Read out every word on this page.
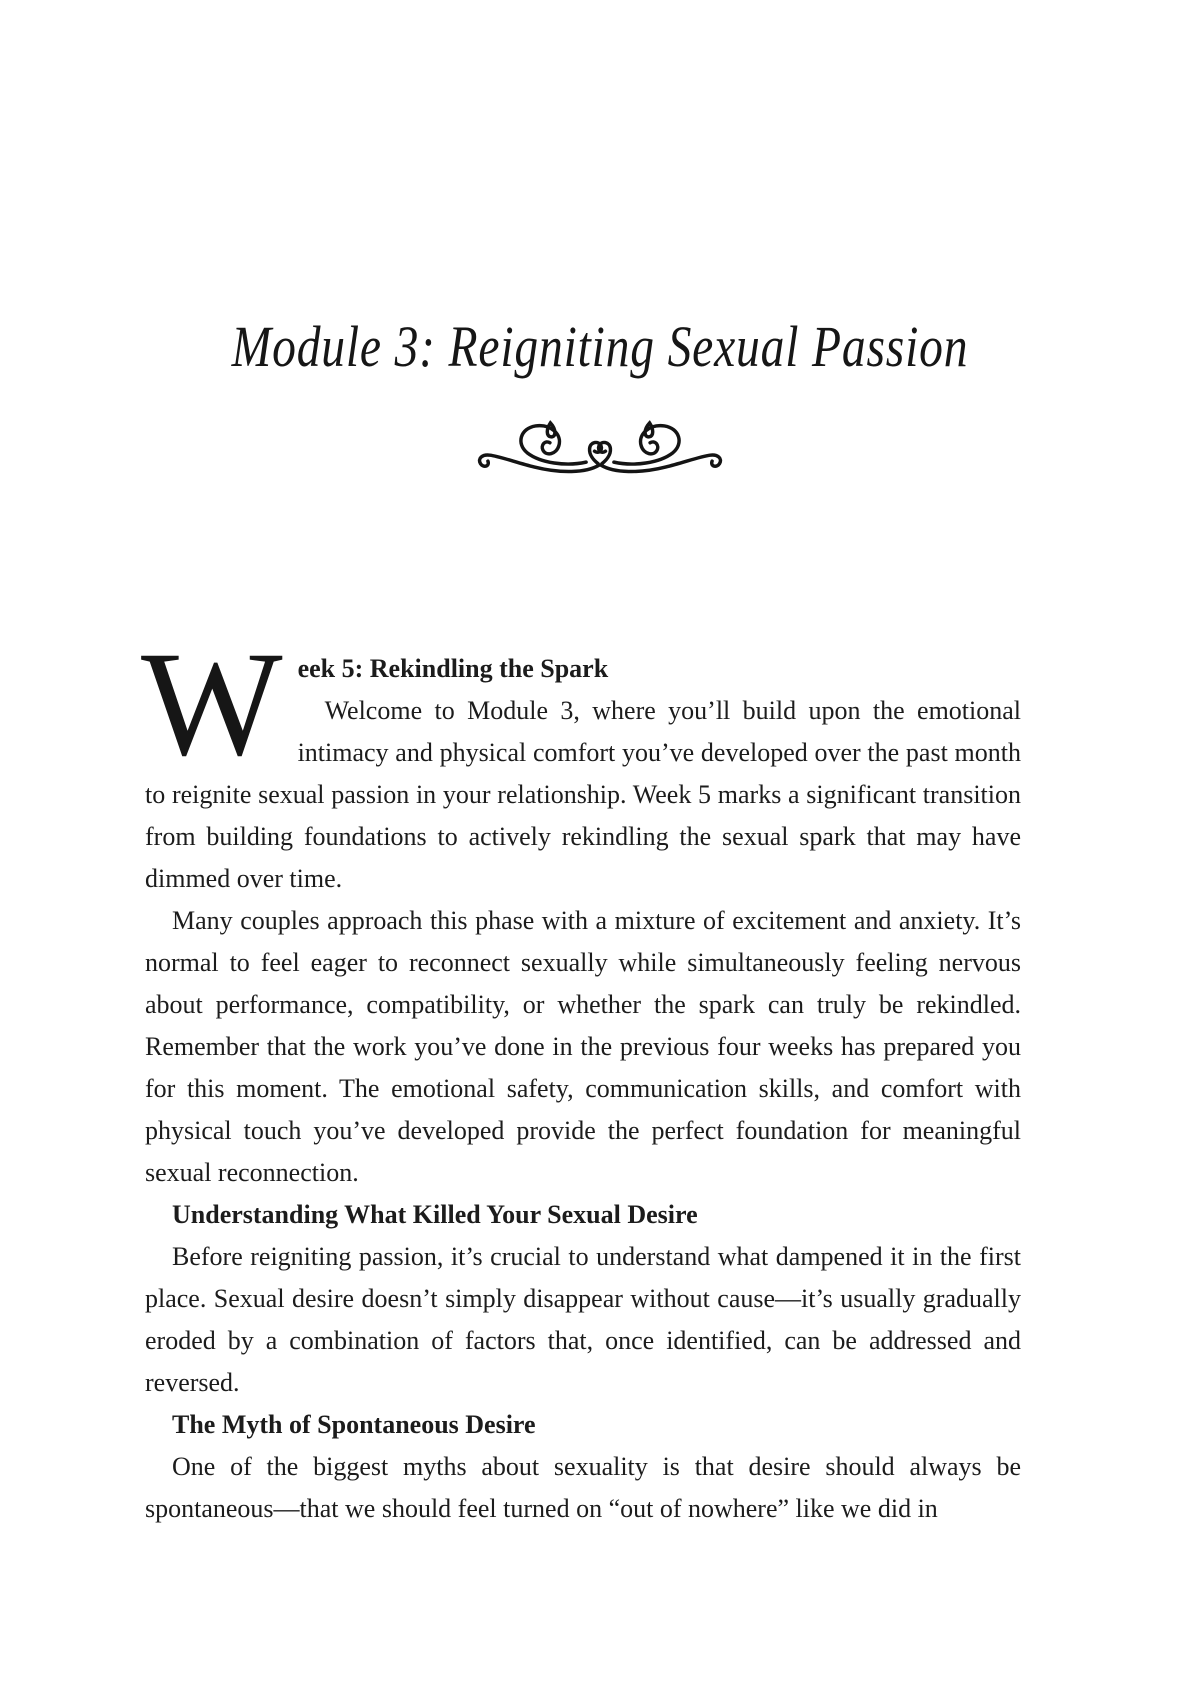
Module 3: Reigniting Sexual Passion
W eek 5: Rekindling the Spark

Welcome to Module 3, where you’ll build upon the emotional intimacy and physical comfort you’ve developed over the past month to reignite sexual passion in your relationship. Week 5 marks a significant transition from building foundations to actively rekindling the sexual spark that may have dimmed over time.

Many couples approach this phase with a mixture of excitement and anxiety. It’s normal to feel eager to reconnect sexually while simultaneously feeling nervous about performance, compatibility, or whether the spark can truly be rekindled. Remember that the work you’ve done in the previous four weeks has prepared you for this moment. The emotional safety, communication skills, and comfort with physical touch you’ve developed provide the perfect foundation for meaningful sexual reconnection.

Understanding What Killed Your Sexual Desire

Before reigniting passion, it’s crucial to understand what dampened it in the first place. Sexual desire doesn’t simply disappear without cause—it’s usually gradually eroded by a combination of factors that, once identified, can be addressed and reversed.

The Myth of Spontaneous Desire

One of the biggest myths about sexuality is that desire should always be spontaneous—that we should feel turned on “out of nowhere” like we did in
